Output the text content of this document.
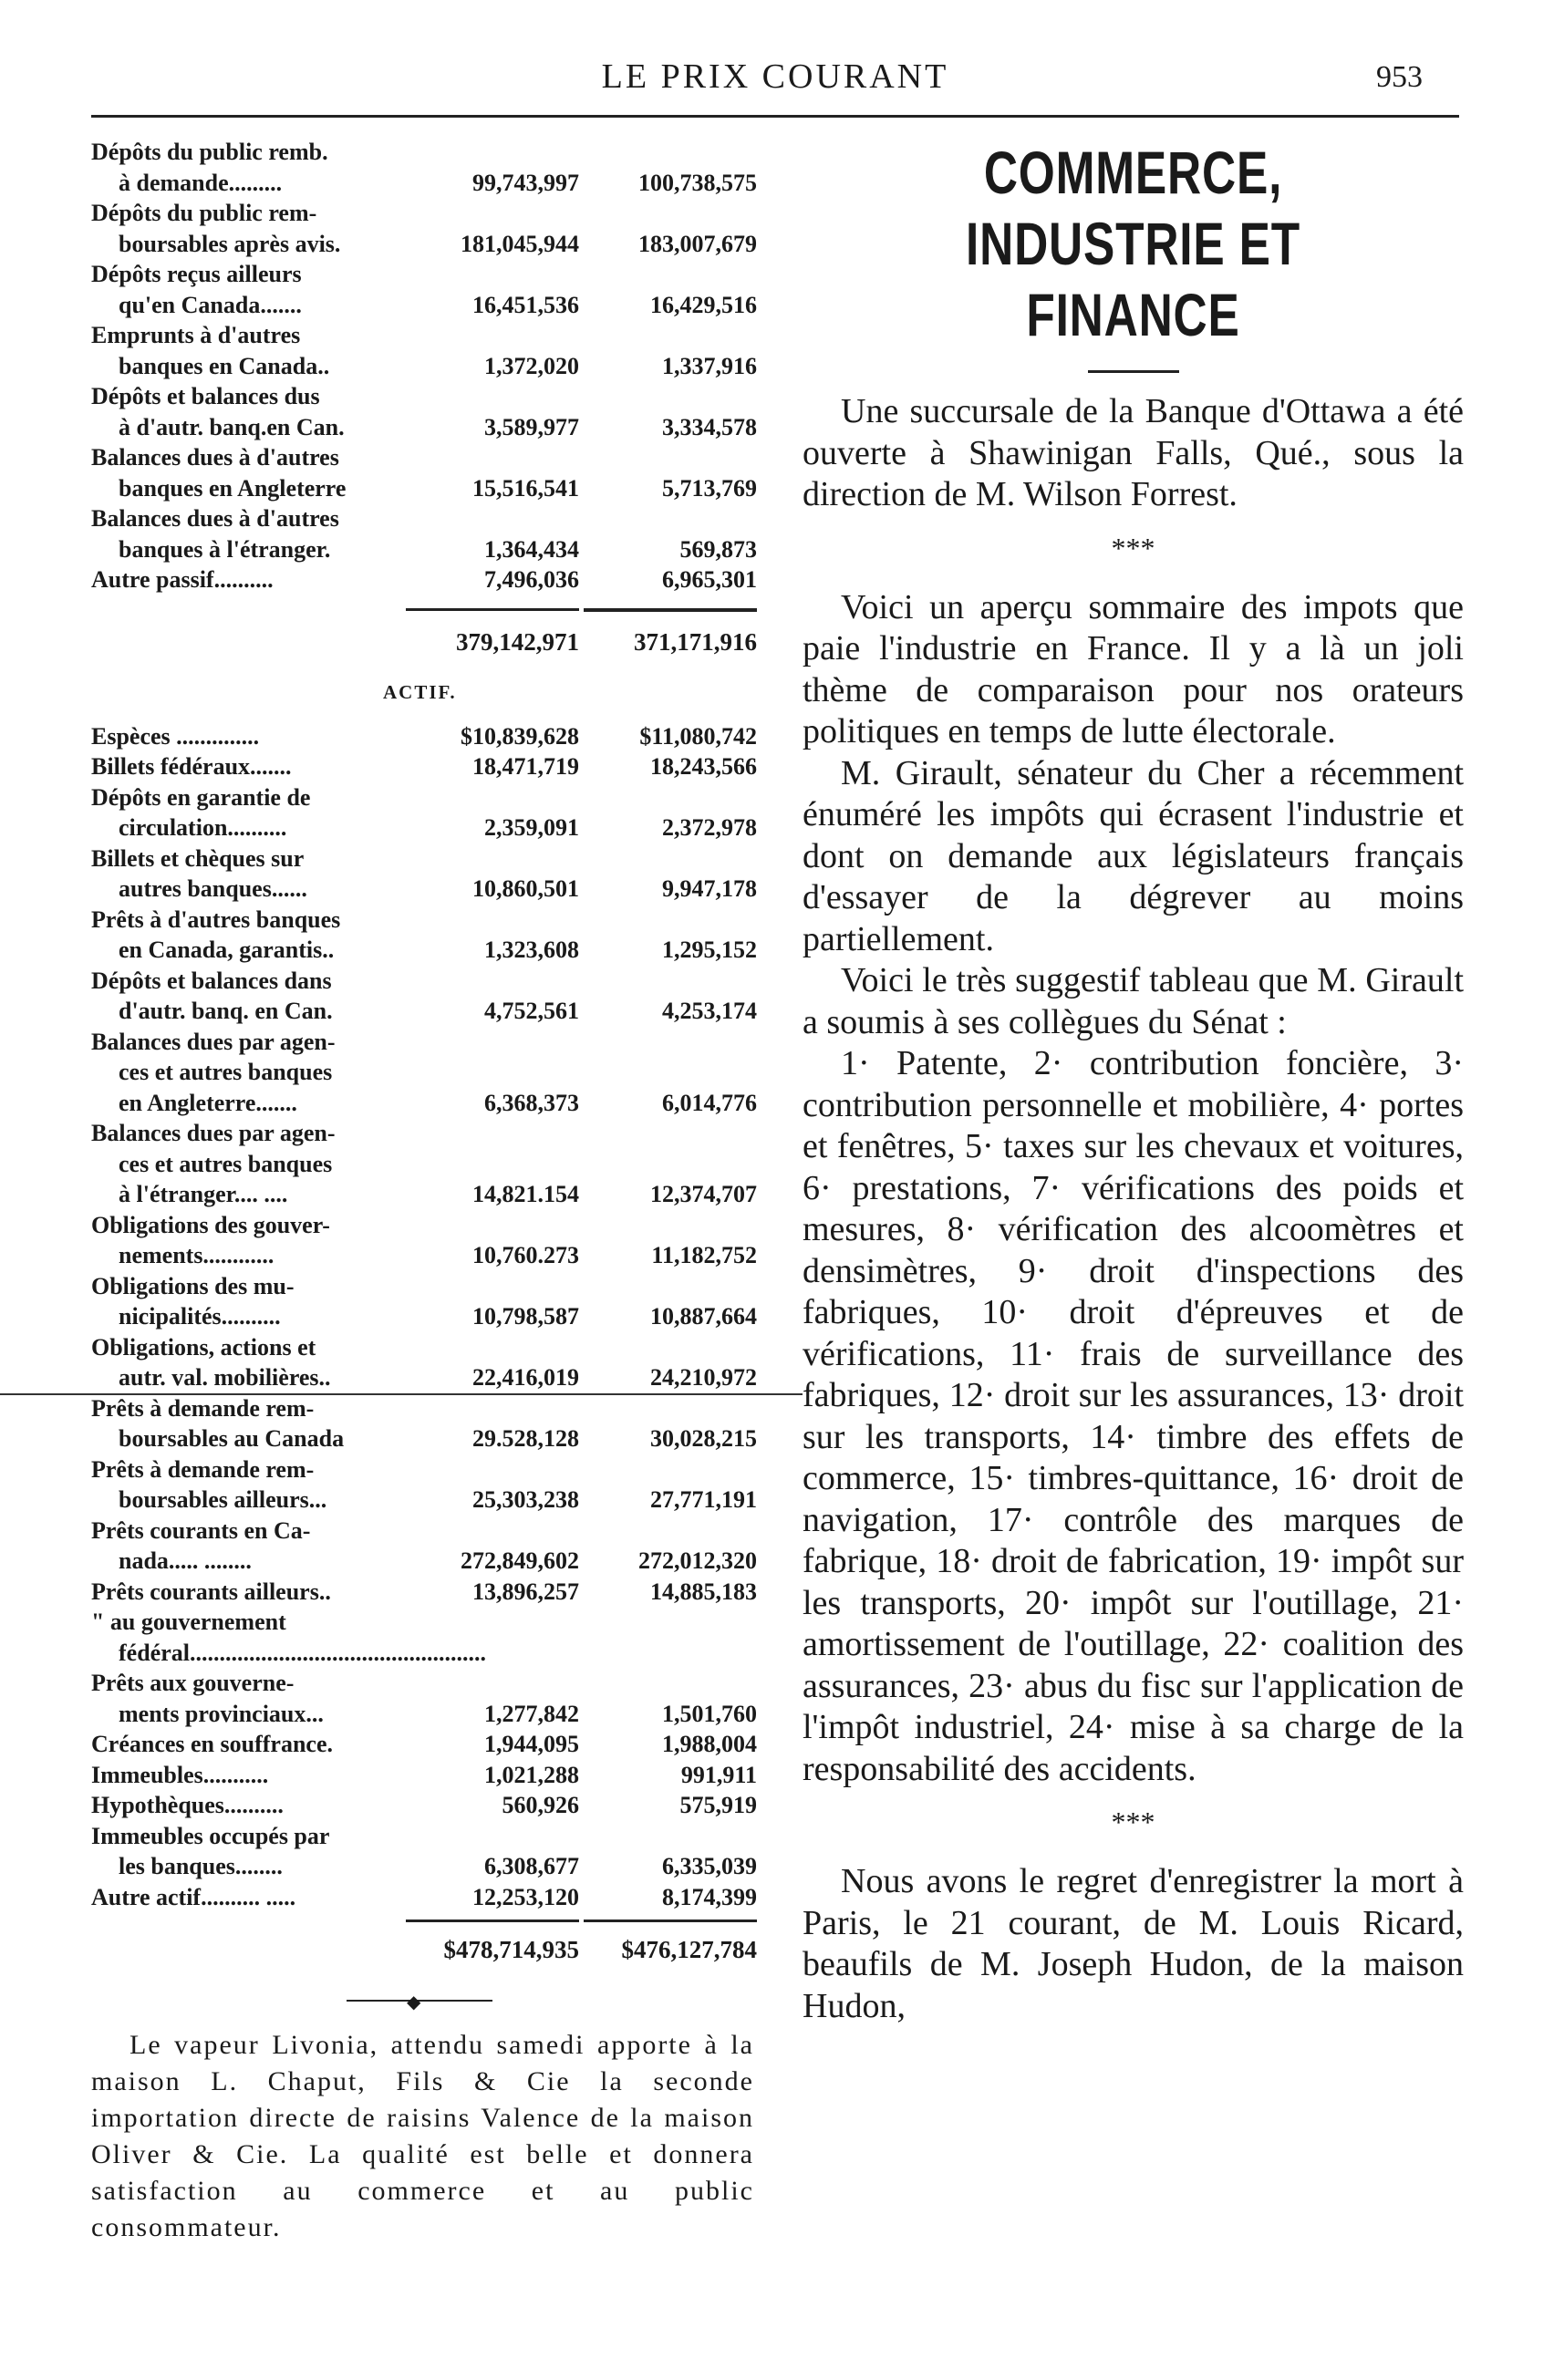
LE PRIX COURANT	953
Dépôts du public remb.
à demande.........	99,743,997	100,738,575
Dépôts du public rem-
boursables après avis.	181,045,944	183,007,679
Dépôts reçus ailleurs
qu'en Canada.......	16,451,536	16,429,516
Emprunts à d'autres
banques en Canada..	1,372,020	1,337,916
Dépôts et balances dus
à d'autr. banq.en Can.	3,589,977	3,334,578
Balances dues à d'autres
banques en Angleterre	15,516,541	5,713,769
Balances dues à d'autres
banques à l'étranger.	1,364,434	569,873
Autre passif..........	7,496,036	6,965,301
379,142,971	371,171,916
ACTIF.
Espèces ..............	$10,839,628	$11,080,742
Billets fédéraux.......	18,471,719	18,243,566
Dépôts en garantie de
circulation..........	2,359,091	2,372,978
Billets et chèques sur
autres banques......	10,860,501	9,947,178
Prêts à d'autres banques
en Canada, garantis..	1,323,608	1,295,152
Dépôts et balances dans
d'autr. banq. en Can.	4,752,561	4,253,174
Balances dues par agen-
ces et autres banques
en Angleterre.......	6,368,373	6,014,776
Balances dues par agen-
ces et autres banques
à l'étranger.... ....	14,821.154	12,374,707
Obligations des gouver-
nements............	10,760.273	11,182,752
Obligations des mu-
nicipalités..........	10,798,587	10,887,664
Obligations, actions et
autr. val. mobilières..	22,416,019	24,210,972
Prêts à demande rem-
boursables au Canada	29.528,128	30,028,215
Prêts à demande rem-
boursables ailleurs...	25,303,238	27,771,191
Prêts courants en Ca-
nada..... ........	272,849,602	272,012,320
Prêts courants ailleurs..	13,896,257	14,885,183
" au gouvernement
fédéral..................................................
Prêts aux gouverne-
ments provinciaux...	1,277,842	1,501,760
Créances en souffrance.	1,944,095	1,988,004
Immeubles...........	1,021,288	991,911
Hypothèques..........	560,926	575,919
Immeubles occupés par
les banques........	6,308,677	6,335,039
Autre actif.......... .....	12,253,120	8,174,399
$478,714,935	$476,127,784
◆

Le vapeur Livonia, attendu samedi apporte à la maison L. Chaput, Fils & Cie la seconde importation directe de raisins Valence de la maison Oliver & Cie. La qualité est belle et donnera satisfaction au commerce et au public consommateur.

COMMERCE,
INDUSTRIE ET FINANCE

Une succursale de la Banque d'Ottawa a été ouverte à Shawinigan Falls, Qué., sous la direction de M. Wilson Forrest.

***

Voici un aperçu sommaire des impots que paie l'industrie en France. Il y a là un joli thème de comparaison pour nos orateurs politiques en temps de lutte électorale.

M. Girault, sénateur du Cher a récemment énuméré les impôts qui écrasent l'industrie et dont on demande aux législateurs français d'essayer de la dégrever au moins partiellement.

Voici le très suggestif tableau que M. Girault a soumis à ses collègues du Sénat :

1· Patente, 2· contribution foncière, 3· contribution personnelle et mobilière, 4· portes et fenêtres, 5· taxes sur les chevaux et voitures, 6· prestations, 7· vérifications des poids et mesures, 8· vérification des alcoomètres et densimètres, 9· droit d'inspections des fabriques, 10· droit d'épreuves et de vérifications, 11· frais de surveillance des fabriques, 12· droit sur les assurances, 13· droit sur les transports, 14· timbre des effets de commerce, 15· timbres-quittance, 16· droit de navigation, 17· contrôle des marques de fabrique, 18· droit de fabrication, 19· impôt sur les transports, 20· impôt sur l'outillage, 21· amortissement de l'outillage, 22· coalition des assurances, 23· abus du fisc sur l'application de l'impôt industriel, 24· mise à sa charge de la responsabilité des accidents.

***

Nous avons le regret d'enregistrer la mort à Paris, le 21 courant, de M. Louis Ricard, beaufils de M. Joseph Hudon, de la maison Hudon,
